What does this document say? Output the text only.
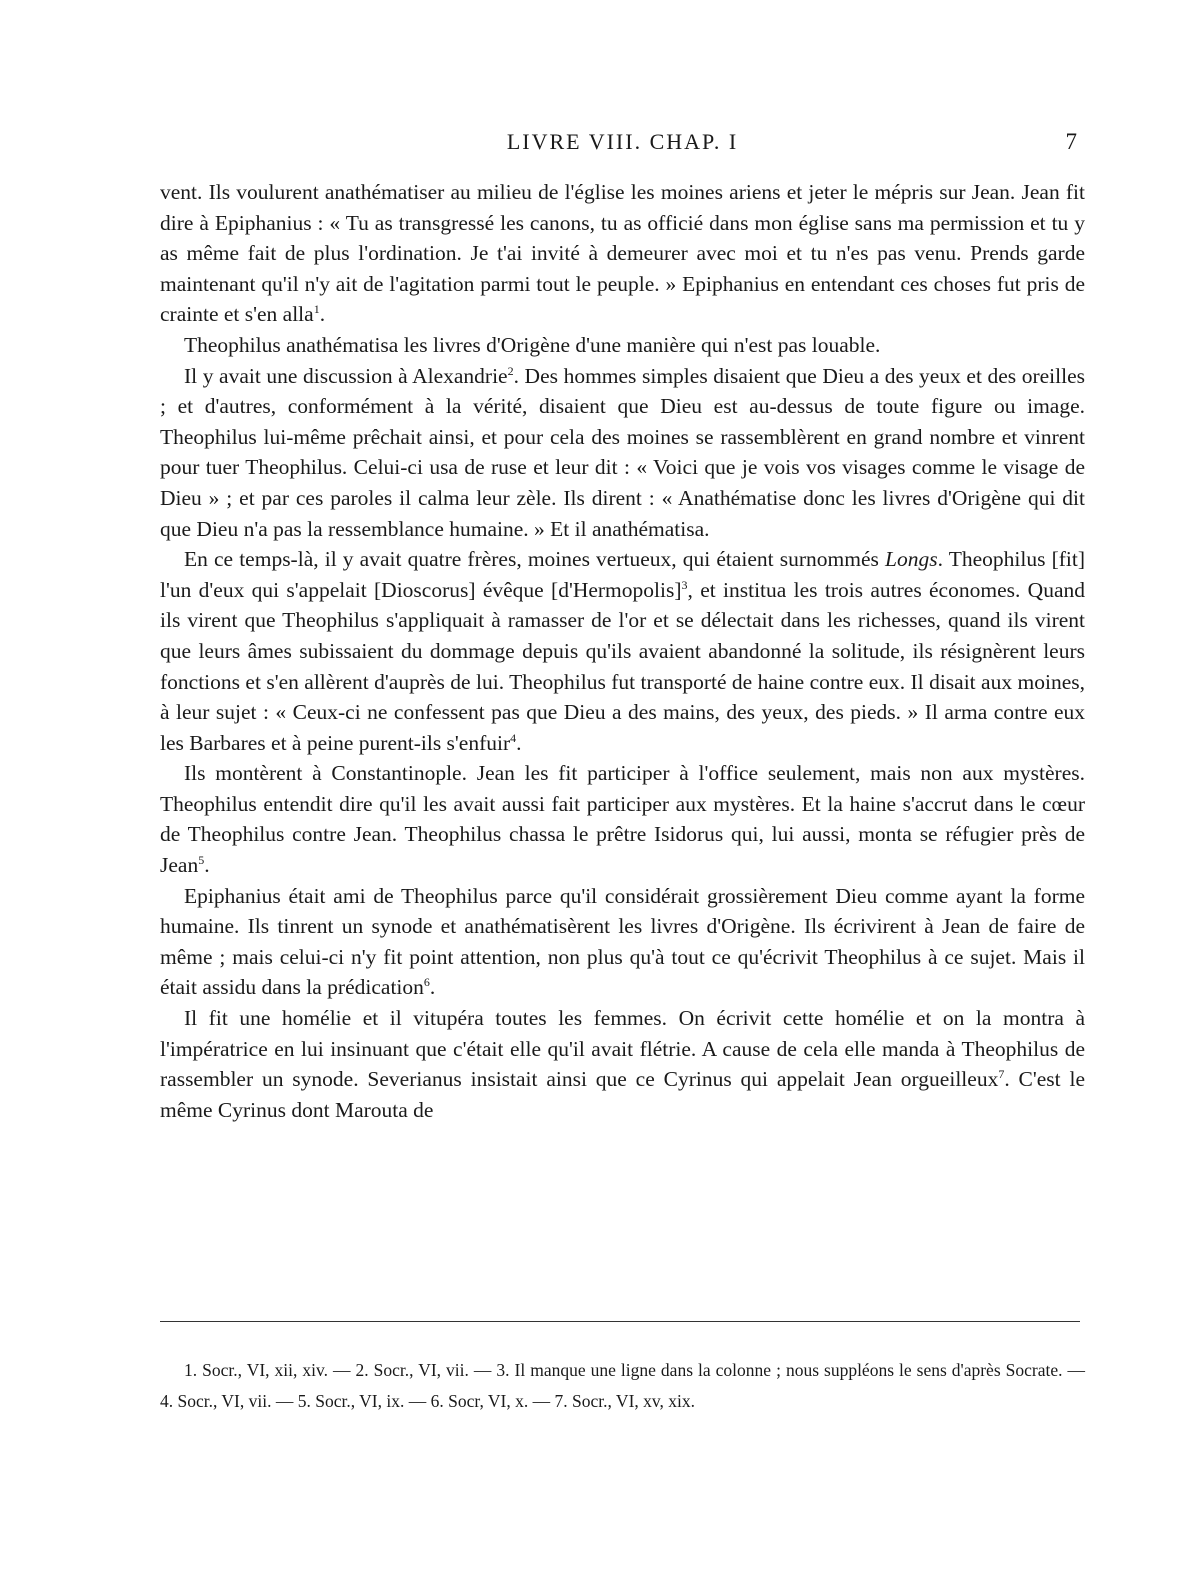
LIVRE VIII. CHAP. I	7

vent. Ils voulurent anathématiser au milieu de l'église les moines ariens et jeter le mépris sur Jean. Jean fit dire à Epiphanius : « Tu as transgressé les canons, tu as officié dans mon église sans ma permission et tu y as même fait de plus l'ordination. Je t'ai invité à demeurer avec moi et tu n'es pas venu. Prends garde maintenant qu'il n'y ait de l'agitation parmi tout le peuple. » Epiphanius en entendant ces choses fut pris de crainte et s'en alla$^1$.

Theophilus anathématisa les livres d'Origène d'une manière qui n'est pas louable.

Il y avait une discussion à Alexandrie$^2$. Des hommes simples disaient que Dieu a des yeux et des oreilles ; et d'autres, conformément à la vérité, disaient que Dieu est au-dessus de toute figure ou image. Theophilus lui-même prêchait ainsi, et pour cela des moines se rassemblèrent en grand nombre et vinrent pour tuer Theophilus. Celui-ci usa de ruse et leur dit : « Voici que je vois vos visages comme le visage de Dieu » ; et par ces paroles il calma leur zèle. Ils dirent : « Anathématise donc les livres d'Origène qui dit que Dieu n'a pas la ressemblance humaine. » Et il anathématisa.

En ce temps-là, il y avait quatre frères, moines vertueux, qui étaient surnommés Longs. Theophilus [fit] l'un d'eux qui s'appelait [Dioscorus] évêque [d'Hermopolis]$^3$, et institua les trois autres économes. Quand ils virent que Theophilus s'appliquait à ramasser de l'or et se délectait dans les richesses, quand ils virent que leurs âmes subissaient du dommage depuis qu'ils avaient abandonné la solitude, ils résignèrent leurs fonctions et s'en allèrent d'auprès de lui. Theophilus fut transporté de haine contre eux. Il disait aux moines, à leur sujet : « Ceux-ci ne confessent pas que Dieu a des mains, des yeux, des pieds. » Il arma contre eux les Barbares et à peine purent-ils s'enfuir$^4$.

Ils montèrent à Constantinople. Jean les fit participer à l'office seulement, mais non aux mystères. Theophilus entendit dire qu'il les avait aussi fait participer aux mystères. Et la haine s'accrut dans le cœur de Theophilus contre Jean. Theophilus chassa le prêtre Isidorus qui, lui aussi, monta se réfugier près de Jean$^5$.

Epiphanius était ami de Theophilus parce qu'il considérait grossièrement Dieu comme ayant la forme humaine. Ils tinrent un synode et anathématisèrent les livres d'Origène. Ils écrivirent à Jean de faire de même ; mais celui-ci n'y fit point attention, non plus qu'à tout ce qu'écrivit Theophilus à ce sujet. Mais il était assidu dans la prédication$^6$.

Il fit une homélie et il vitupéra toutes les femmes. On écrivit cette homélie et on la montra à l'impératrice en lui insinuant que c'était elle qu'il avait flétrie. A cause de cela elle manda à Theophilus de rassembler un synode. Severianus insistait ainsi que ce Cyrinus qui appelait Jean orgueilleux$^7$. C'est le même Cyrinus dont Marouta de

1. Socr., VI, xii, xiv. — 2. Socr., VI, vii. — 3. Il manque une ligne dans la colonne ; nous suppléons le sens d'après Socrate. — 4. Socr., VI, vii. — 5. Socr., VI, ix. — 6. Socr, VI, x. — 7. Socr., VI, xv, xix.
